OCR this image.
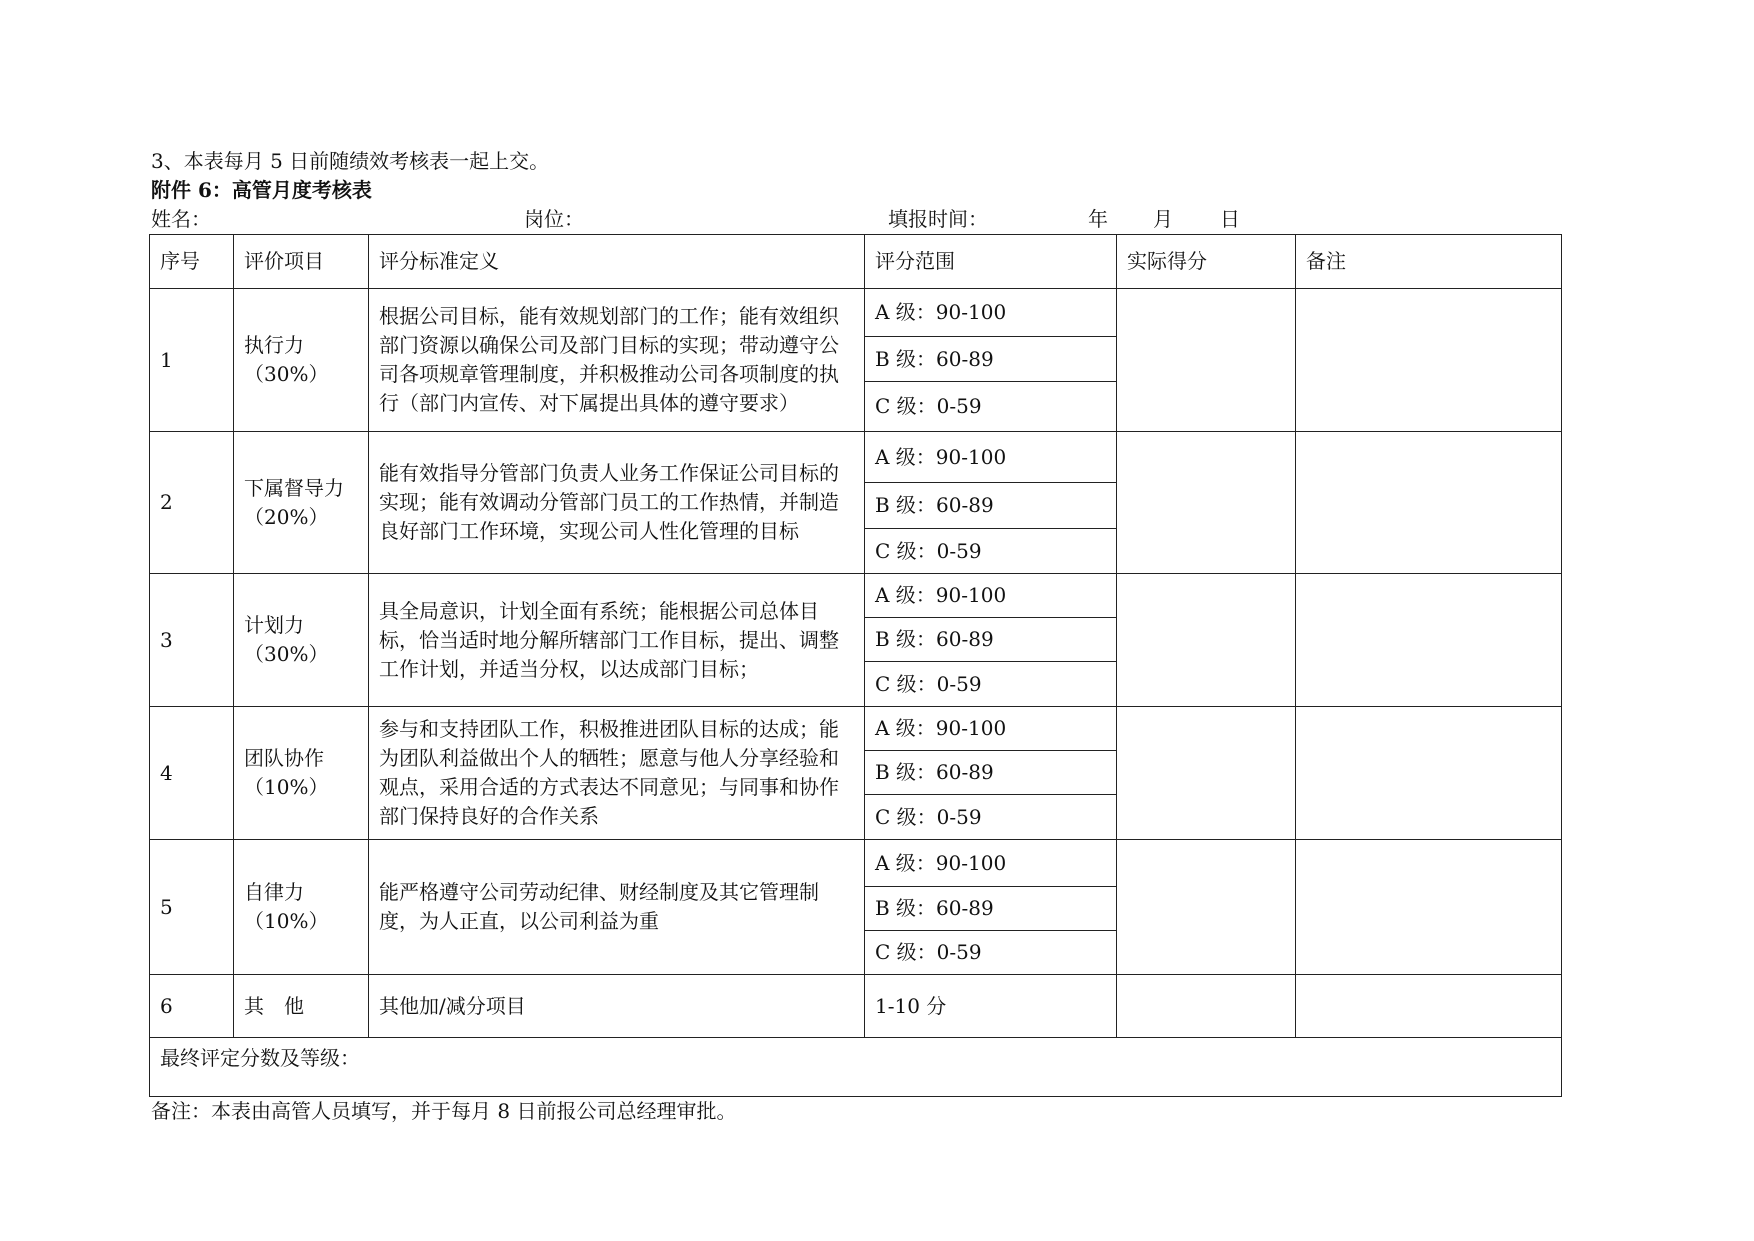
3、本表每月 5 日前随绩效考核表一起上交。
附件 6：高管月度考核表
姓名：	岗位：	填报时间：	年 月 日
序号	评价项目	评分标准定义	评分范围	实际得分	备注
1	执行力（30%）	根据公司目标，能有效规划部门的工作；能有效组织部门资源以确保公司及部门目标的实现；带动遵守公司各项规章管理制度，并积极推动公司各项制度的执行（部门内宣传、对下属提出具体的遵守要求）	A 级：90-100		
			B 级：60-89		
			C 级：0-59		
2	下属督导力（20%）	能有效指导分管部门负责人业务工作保证公司目标的实现；能有效调动分管部门员工的工作热情，并制造良好部门工作环境，实现公司人性化管理的目标	A 级：90-100		
			B 级：60-89		
			C 级：0-59		
3	计划力（30%）	具全局意识，计划全面有系统；能根据公司总体目标，恰当适时地分解所辖部门工作目标，提出、调整工作计划，并适当分权，以达成部门目标；	A 级：90-100		
			B 级：60-89		
			C 级：0-59		
4	团队协作（10%）	参与和支持团队工作，积极推进团队目标的达成；能为团队利益做出个人的牺牲；愿意与他人分享经验和观点，采用合适的方式表达不同意见；与同事和协作部门保持良好的合作关系	A 级：90-100		
			B 级：60-89		
			C 级：0-59		
5	自律力（10%）	能严格遵守公司劳动纪律、财经制度及其它管理制度，为人正直，以公司利益为重	A 级：90-100		
			B 级：60-89		
			C 级：0-59		
6	其　他	其他加/减分项目	1-10 分		
最终评定分数及等级：					
备注：本表由高管人员填写，并于每月 8 日前报公司总经理审批。
